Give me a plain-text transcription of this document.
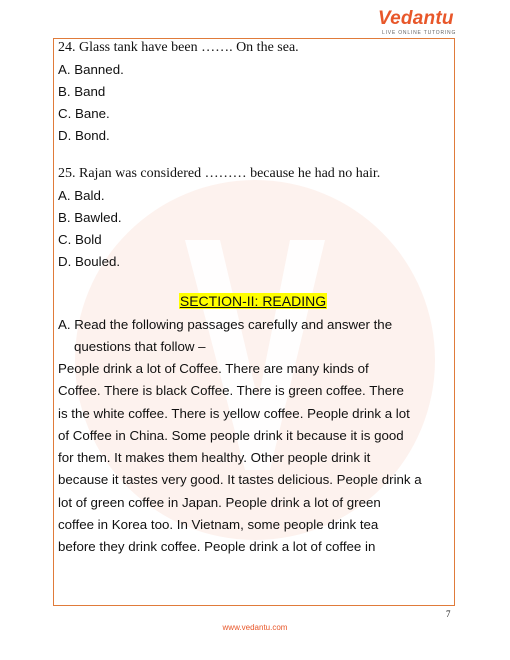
Vedantu
LIVE ONLINE TUTORING

24. Glass tank have been ……. On the sea.

A. Banned.

B. Band

C. Bane.

D. Bond.

25. Rajan was considered ……… because he had no hair.

A. Bald.

B. Bawled.

C. Bold

D. Bouled.

SECTION-II: READING

A. Read the following passages carefully and answer the

questions that follow –

People drink a lot of Coffee. There are many kinds of

Coffee. There is black Coffee. There is green coffee. There

is the white coffee. There is yellow coffee. People drink a lot

of Coffee in China. Some people drink it because it is good

for them. It makes them healthy. Other people drink it

because it tastes very good. It tastes delicious. People drink a

lot of green coffee in Japan. People drink a lot of green

coffee in Korea too. In Vietnam, some people drink tea

before they drink coffee. People drink a lot of coffee in

7
www.vedantu.com
